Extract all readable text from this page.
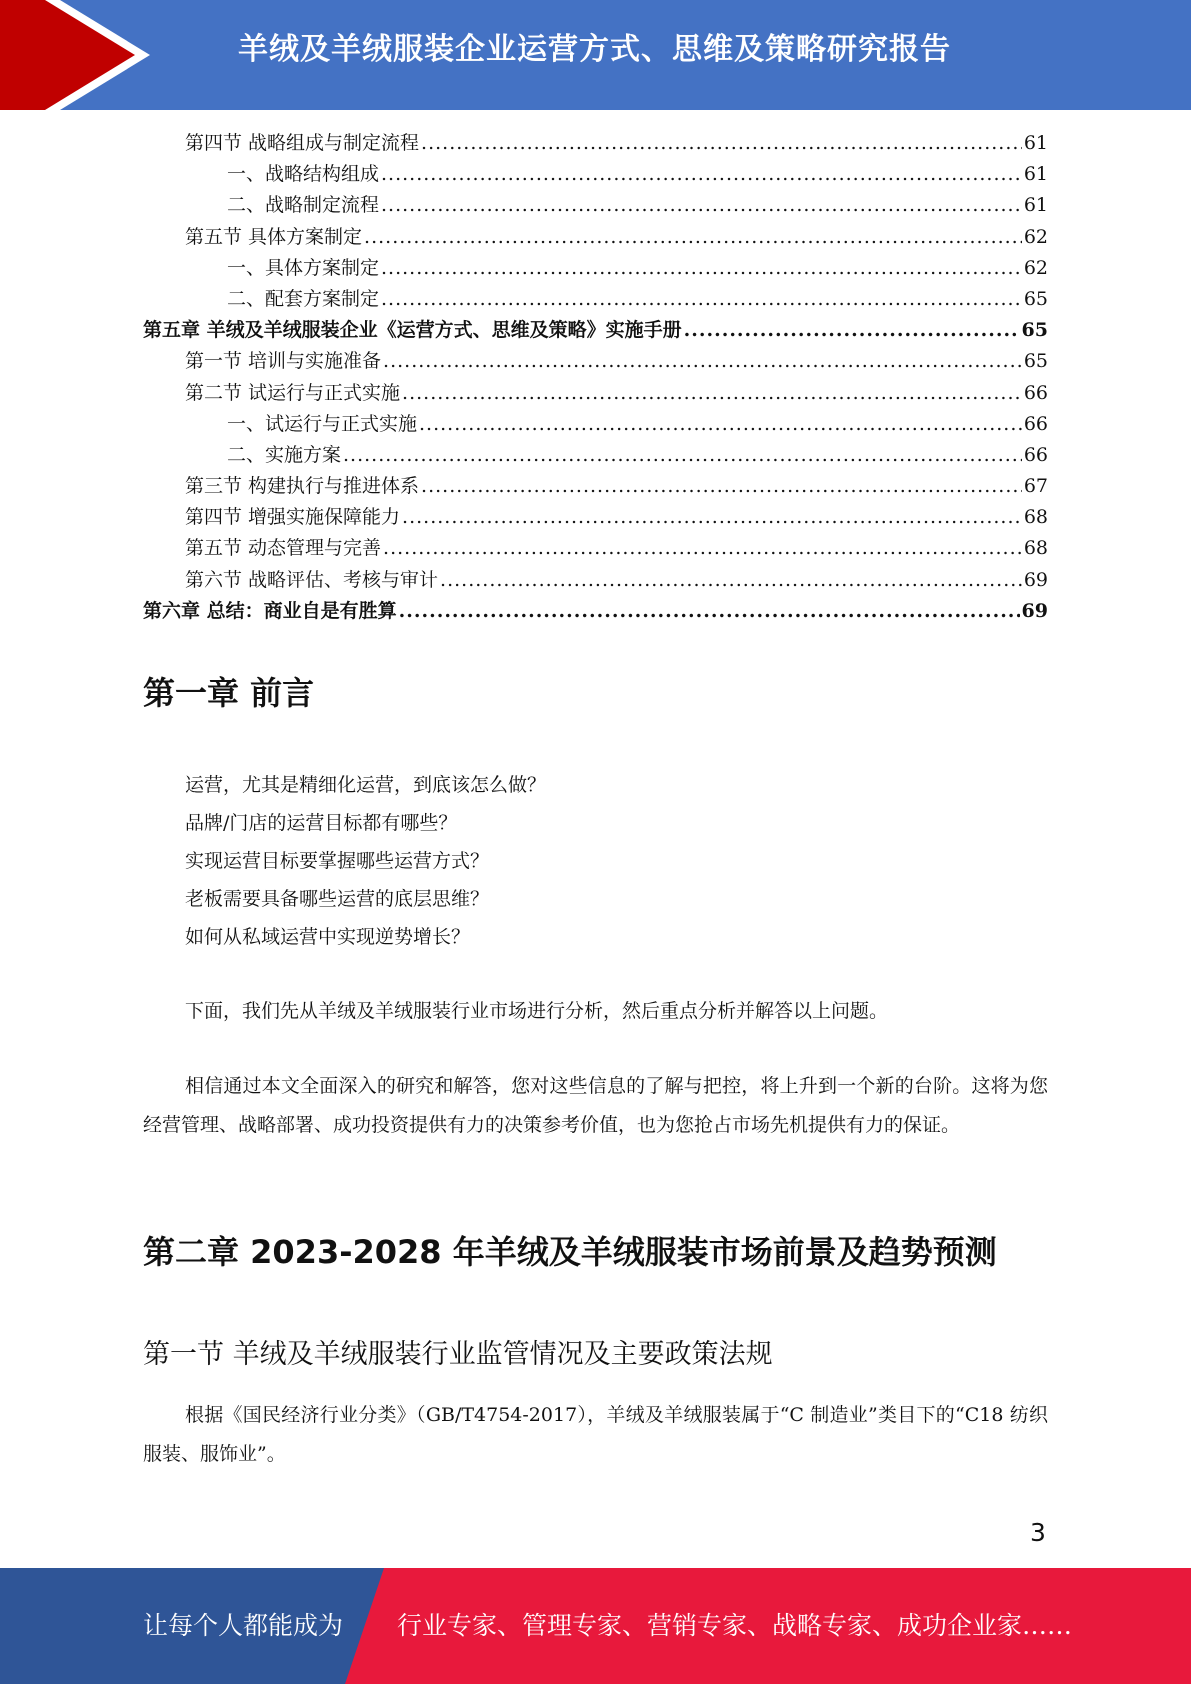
羊绒及羊绒服装企业运营方式、思维及策略研究报告
第四节 战略组成与制定流程 .....	61
一、战略结构组成 .....	61
二、战略制定流程 .....	61
第五节 具体方案制定 .....	62
一、具体方案制定 .....	62
二、配套方案制定 .....	65
第五章 羊绒及羊绒服装企业《运营方式、思维及策略》实施手册 .....	65
第一节 培训与实施准备 .....	65
第二节 试运行与正式实施 .....	66
一、试运行与正式实施 .....	66
二、实施方案 .....	66
第三节 构建执行与推进体系 .....	67
第四节 增强实施保障能力 .....	68
第五节 动态管理与完善 .....	68
第六节 战略评估、考核与审计 .....	69
第六章 总结：商业自是有胜算 .....	69
第一章 前言
运营，尤其是精细化运营，到底该怎么做？
品牌/门店的运营目标都有哪些？
实现运营目标要掌握哪些运营方式？
老板需要具备哪些运营的底层思维？
如何从私域运营中实现逆势增长？

下面，我们先从羊绒及羊绒服装行业市场进行分析，然后重点分析并解答以上问题。

相信通过本文全面深入的研究和解答，您对这些信息的了解与把控，将上升到一个新的台阶。这将为您经营管理、战略部署、成功投资提供有力的决策参考价值，也为您抢占市场先机提供有力的保证。

第二章 2023-2028 年羊绒及羊绒服装市场前景及趋势预测
第一节 羊绒及羊绒服装行业监管情况及主要政策法规

根据《国民经济行业分类》（GB/T4754-2017），羊绒及羊绒服装属于“C 制造业”类目下的“C18 纺织服装、服饰业”。

3
让每个人都能成为 行业专家、管理专家、营销专家、战略专家、成功企业家……
